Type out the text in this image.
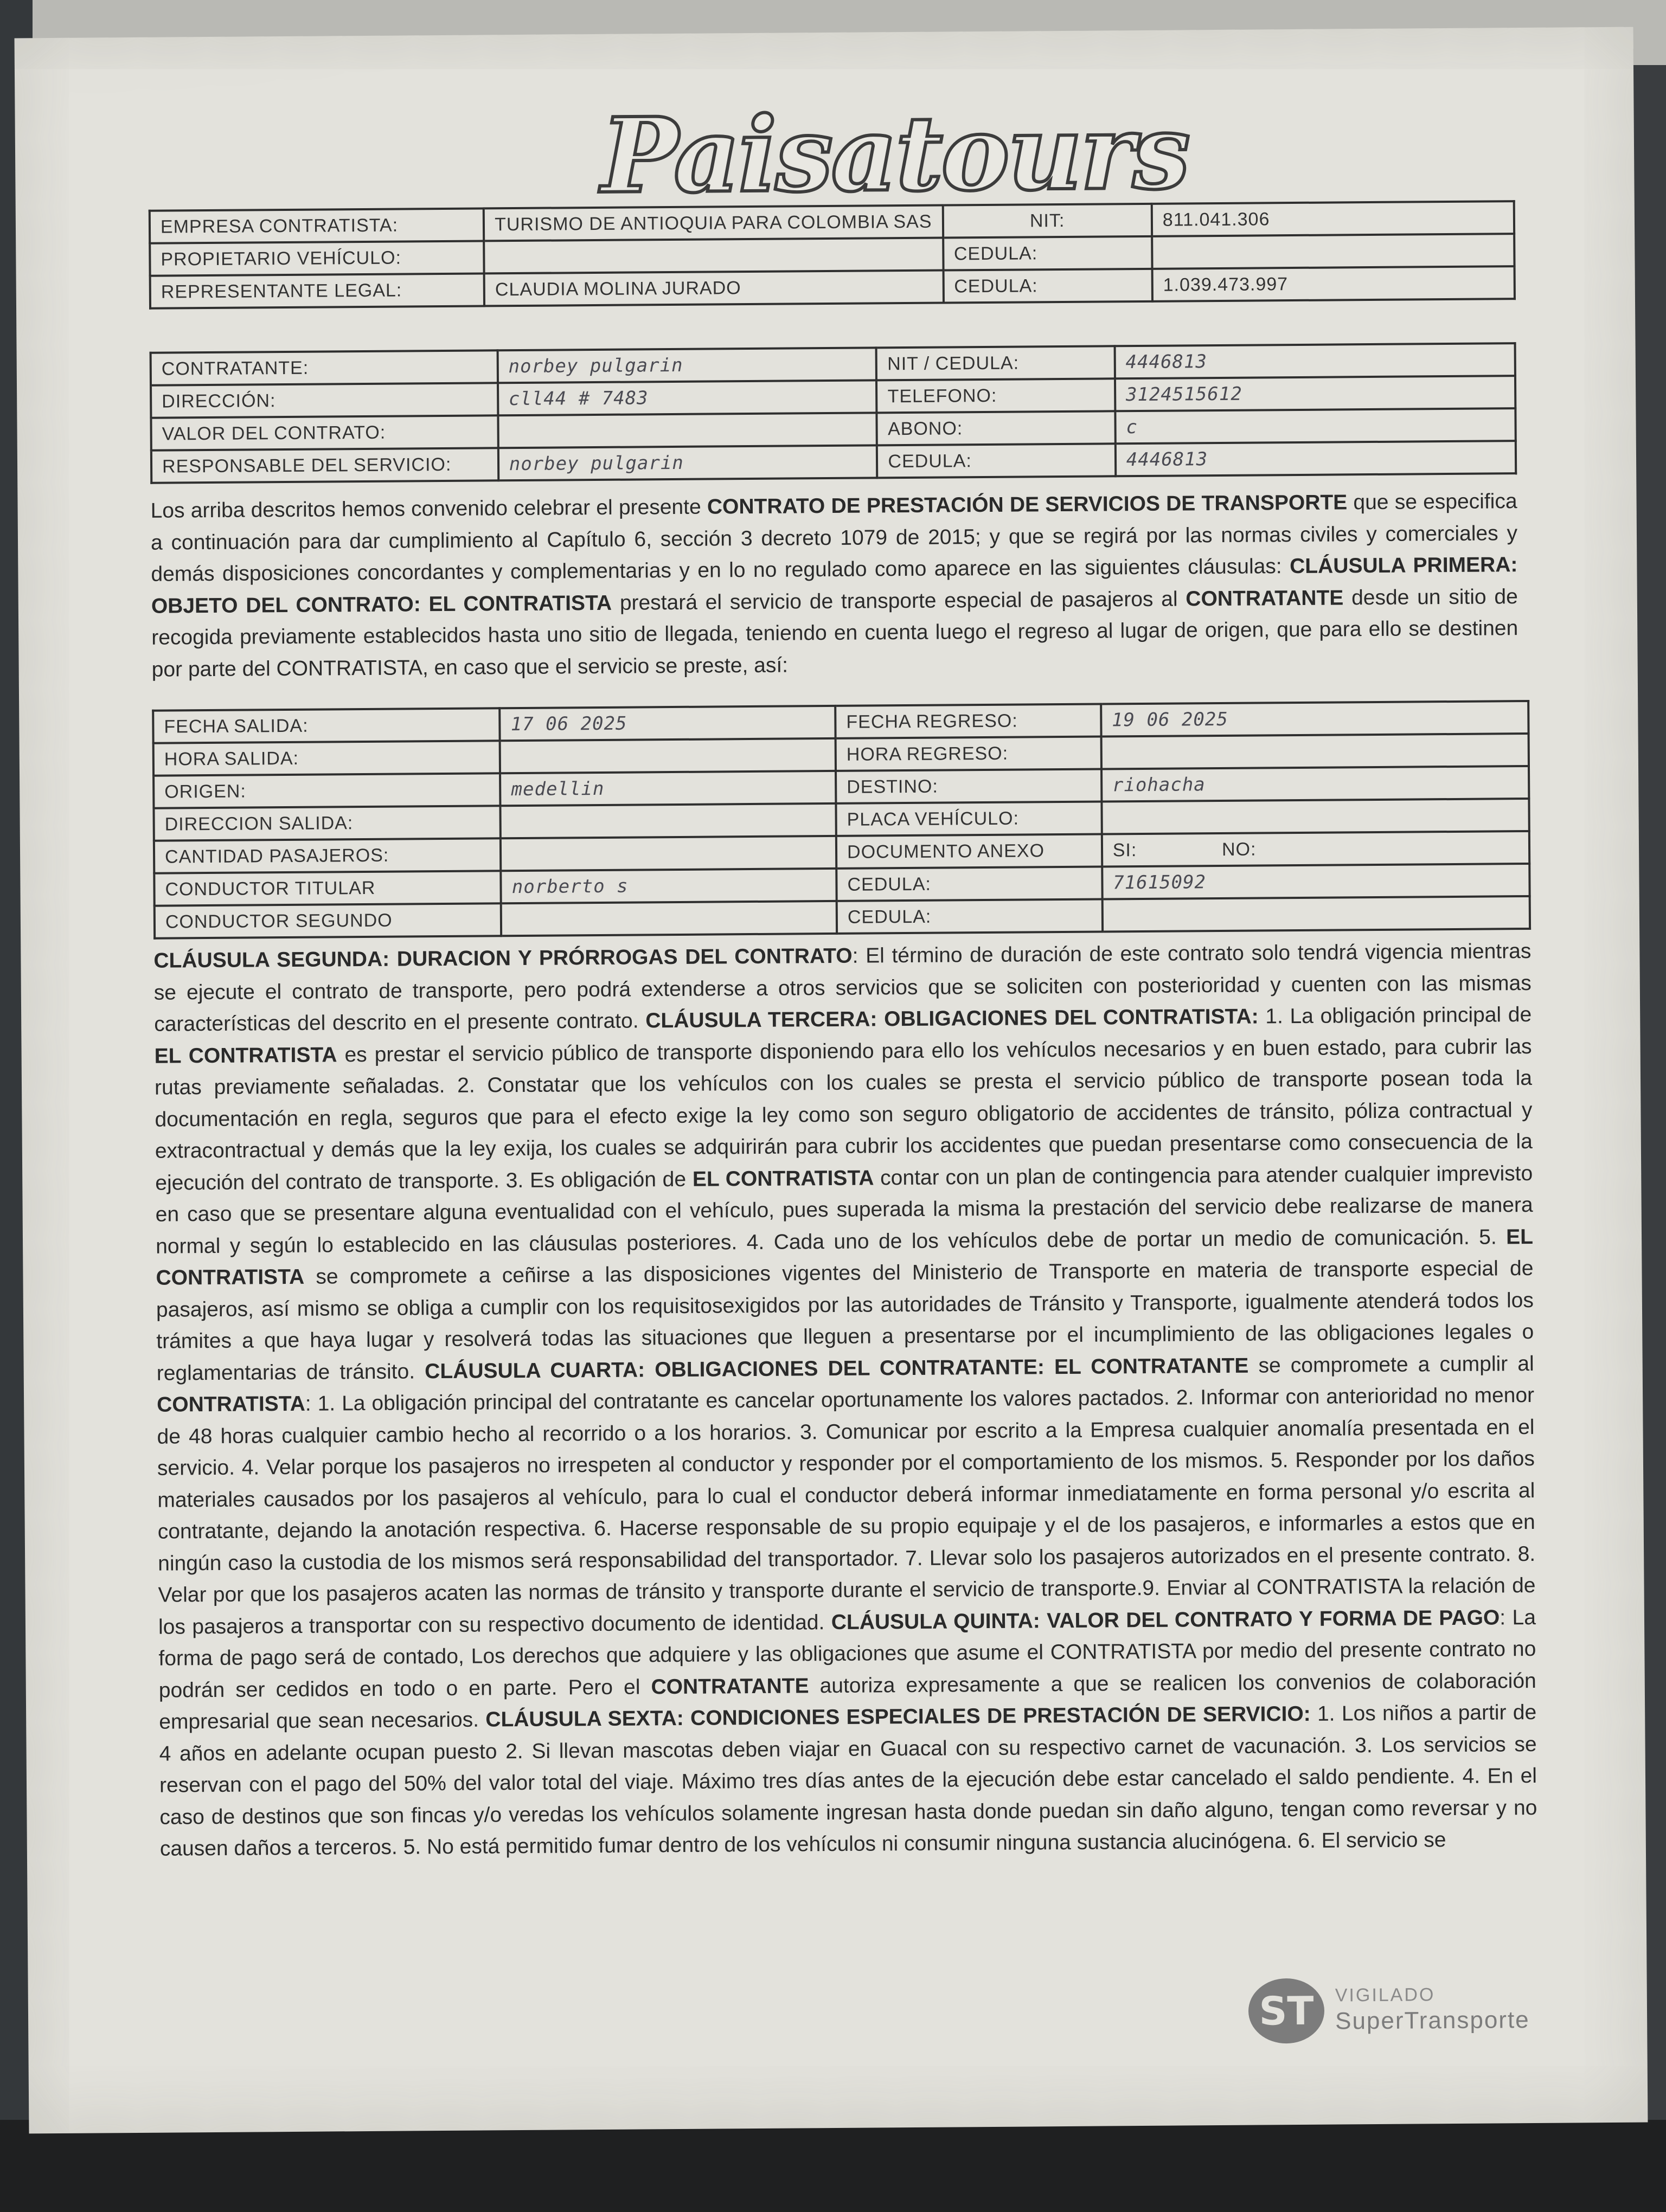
Paisatours
EMPRESA CONTRATISTA:	TURISMO DE ANTIOQUIA PARA COLOMBIA SAS	NIT:	811.041.306
PROPIETARIO VEHÍCULO:		CEDULA:	
REPRESENTANTE LEGAL:	CLAUDIA MOLINA JURADO	CEDULA:	1.039.473.997
CONTRATANTE:	norbey pulgarin	NIT / CEDULA:	4446813
DIRECCIÓN:	cll44 # 7483	TELEFONO:	3124515612
VALOR DEL CONTRATO:		ABONO:	c
RESPONSABLE DEL SERVICIO:	norbey pulgarin	CEDULA:	4446813
Los arriba descritos hemos convenido celebrar el presente CONTRATO DE PRESTACIÓN DE SERVICIOS DE TRANSPORTE que se especifica a continuación para dar cumplimiento al Capítulo 6, sección 3 decreto 1079 de 2015; y que se regirá por las normas civiles y comerciales y demás disposiciones concordantes y complementarias y en lo no regulado como aparece en las siguientes cláusulas: CLÁUSULA PRIMERA: OBJETO DEL CONTRATO: EL CONTRATISTA prestará el servicio de transporte especial de pasajeros al CONTRATANTE desde un sitio de recogida previamente establecidos hasta uno sitio de llegada, teniendo en cuenta luego el regreso al lugar de origen, que para ello se destinen por parte del CONTRATISTA, en caso que el servicio se preste, así:
FECHA SALIDA:	17 06 2025	FECHA REGRESO:	19 06 2025
HORA SALIDA:		HORA REGRESO:	
ORIGEN:	medellin	DESTINO:	riohacha
DIRECCION SALIDA:		PLACA VEHÍCULO:	
CANTIDAD PASAJEROS:		DOCUMENTO ANEXO	SI:               NO:
CONDUCTOR TITULAR	norberto s	CEDULA:	71615092
CONDUCTOR SEGUNDO		CEDULA:	
CLÁUSULA SEGUNDA: DURACION Y PRÓRROGAS DEL CONTRATO: El término de duración de este contrato solo tendrá vigencia mientras se ejecute el contrato de transporte, pero podrá extenderse a otros servicios que se soliciten con posterioridad y cuenten con las mismas características del descrito en el presente contrato. CLÁUSULA TERCERA: OBLIGACIONES DEL CONTRATISTA: 1. La obligación principal de EL CONTRATISTA es prestar el servicio público de transporte disponiendo para ello los vehículos necesarios y en buen estado, para cubrir las rutas previamente señaladas. 2. Constatar que los vehículos con los cuales se presta el servicio público de transporte posean toda la documentación en regla, seguros que para el efecto exige la ley como son seguro obligatorio de accidentes de tránsito, póliza contractual y extracontractual y demás que la ley exija, los cuales se adquirirán para cubrir los accidentes que puedan presentarse como consecuencia de la ejecución del contrato de transporte. 3. Es obligación de EL CONTRATISTA contar con un plan de contingencia para atender cualquier imprevisto en caso que se presentare alguna eventualidad con el vehículo, pues superada la misma la prestación del servicio debe realizarse de manera normal y según lo establecido en las cláusulas posteriores. 4. Cada uno de los vehículos debe de portar un medio de comunicación. 5. EL CONTRATISTA se compromete a ceñirse a las disposiciones vigentes del Ministerio de Transporte en materia de transporte especial de pasajeros, así mismo se obliga a cumplir con los requisitosexigidos por las autoridades de Tránsito y Transporte, igualmente atenderá todos los trámites a que haya lugar y resolverá todas las situaciones que lleguen a presentarse por el incumplimiento de las obligaciones legales o reglamentarias de tránsito. CLÁUSULA CUARTA: OBLIGACIONES DEL CONTRATANTE: EL CONTRATANTE se compromete a cumplir al CONTRATISTA: 1. La obligación principal del contratante es cancelar oportunamente los valores pactados. 2. Informar con anterioridad no menor de 48 horas cualquier cambio hecho al recorrido o a los horarios. 3. Comunicar por escrito a la Empresa cualquier anomalía presentada en el servicio. 4. Velar porque los pasajeros no irrespeten al conductor y responder por el comportamiento de los mismos. 5. Responder por los daños materiales causados por los pasajeros al vehículo, para lo cual el conductor deberá informar inmediatamente en forma personal y/o escrita al contratante, dejando la anotación respectiva. 6. Hacerse responsable de su propio equipaje y el de los pasajeros, e informarles a estos que en ningún caso la custodia de los mismos será responsabilidad del transportador. 7. Llevar solo los pasajeros autorizados en el presente contrato. 8. Velar por que los pasajeros acaten las normas de tránsito y transporte durante el servicio de transporte.9. Enviar al CONTRATISTA la relación de los pasajeros a transportar con su respectivo documento de identidad. CLÁUSULA QUINTA: VALOR DEL CONTRATO Y FORMA DE PAGO: La forma de pago será de contado, Los derechos que adquiere y las obligaciones que asume el CONTRATISTA por medio del presente contrato no podrán ser cedidos en todo o en parte. Pero el CONTRATANTE autoriza expresamente a que se realicen los convenios de colaboración empresarial que sean necesarios. CLÁUSULA SEXTA: CONDICIONES ESPECIALES DE PRESTACIÓN DE SERVICIO: 1. Los niños a partir de 4 años en adelante ocupan puesto 2. Si llevan mascotas deben viajar en Guacal con su respectivo carnet de vacunación. 3. Los servicios se reservan con el pago del 50% del valor total del viaje. Máximo tres días antes de la ejecución debe estar cancelado el saldo pendiente. 4. En el caso de destinos que son fincas y/o veredas los vehículos solamente ingresan hasta donde puedan sin daño alguno, tengan como reversar y no causen daños a terceros. 5. No está permitido fumar dentro de los vehículos ni consumir ninguna sustancia alucinógena. 6. El servicio se
ST	VIGILADO
SuperTransporte
